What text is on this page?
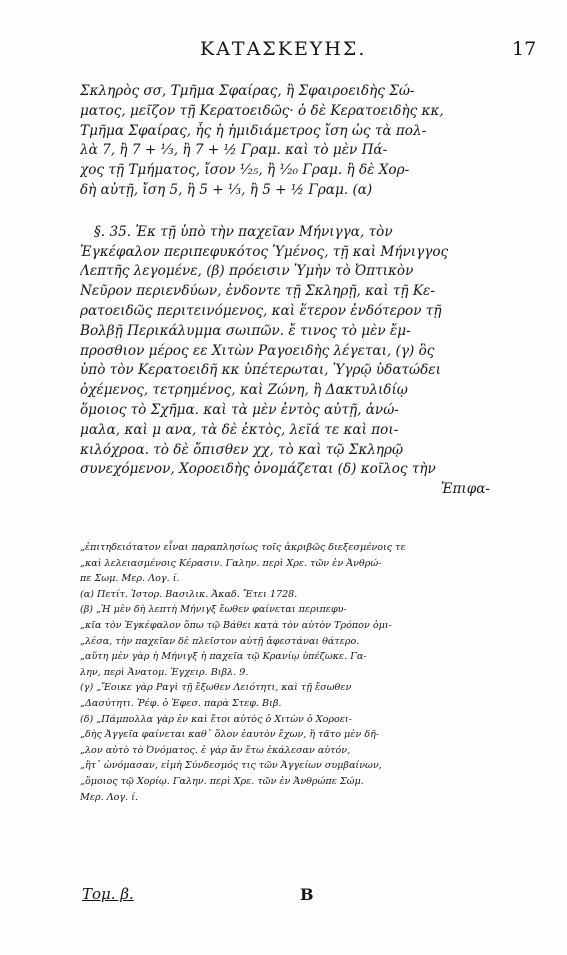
ΚΑΤΑΣΚΕΥΗΣ.	17
Σκληρὸς σσ, Τμῆμα Σφαίρας, ἢ Σφαιροειδὴς Σώ-
ματος, μεῖζον τῇ Κερατοειδῶς· ὁ δὲ Κερατοειδὴς κκ,
Τμῆμα Σφαίρας, ἧς ἡ ἡμιδιάμετρος ἴση ὡς τὰ πολ-
λὰ 7, ἢ 7 + ⅓, ἢ 7 + ½ Γραμ. καὶ τὸ μὲν Πά-
χος τῇ Τμήματος, ἴσον ⅟₂₅, ἢ ⅟₂₀ Γραμ. ἢ δὲ Χορ-
δὴ αὐτῇ, ἴση 5, ἢ 5 + ⅓, ἢ 5 + ½ Γραμ. (α)
§. 35. Ἐκ τῇ ὑπὸ τὴν παχεῖαν Μήνιγγα, τὸν
Ἐγκέφαλον περιπεφυκότος Ὑμένος, τῇ καὶ Μήνιγγος
Λεπτῆς λεγομένε, (β) πρόεισιν Ὑμὴν τὸ Ὀπτικὸν
Νεῦρον περιενδύων, ἐνδοντε τῇ Σκληρῇ, καὶ τῇ Κε-
ρατοειδῶς περιτεινόμενος, καὶ ἕτερον ἐνδότερον τῇ
Βολβῇ Περικάλυμμα σωιπῶν. ἔ τινος τὸ μὲν ἔμ-
προσθιον μέρος εε Χιτὼν Ραγοειδὴς λέγεται, (γ) ὃς
ὑπὸ τὸν Κερατοειδῆ κκ ὑπέτερωται, Ὑγρῷ ὑδατώδει
ὀχέμενος, τετρημένος, καὶ Ζώνη, ἢ Δακτυλιδίῳ
ὅμοιος τὸ Σχῆμα. καὶ τὰ μὲν ἐντὸς αὐτῇ, ἀνώ-
μαλα, καὶ μ ανα, τὰ δὲ ἐκτὸς, λεῖά τε καὶ ποι-
κιλόχροα. τὸ δὲ ὄπισθεν χχ, τὸ καὶ τῷ Σκληρῷ
συνεχόμενον, Χοροειδὴς ὀνομάζεται (δ) κοῖλος τὴν
Ἐπιφα-
„ἐπιτηδειότατον εἶναι παραπλησίως τοῖς ἀκριβῶς διεξεσμένοις τε
„καὶ λελειασμένοις Κέρασιν. Γαλην. περὶ Χρε. τῶν ἐν Ἀνθρώ-
πε Σωμ. Μερ. Λογ. ί.
(α) Πετίτ. Ἱστορ. Βασιλικ. Ἀκαδ. Ἔτει 1728.
(β) „Ἡ μὲν δὴ λεπτὴ Μήνιγξ ἔωθεν φαίνεται περιπεφυ-
„κῖα τὸν Ἐγκέφαλον ὅπω τῷ Βάθει κατὰ τὸν αὐτὸν Τρόπον ὁμι-
„λέσα, τὴν παχεῖαν δὲ πλεῖστον αὐτῇ ἀφεστάναι θάτερο.
„αὕτη μὲν γὰρ ἡ Μήνιγξ ἡ παχεῖα τῷ Κρανίῳ ὑπέζωκε. Γα-
λην, περὶ Ἀνατομ. Ἐγχειρ. Βιβλ. 9.
(γ) „Ἔοικε γὰρ Ραγὶ τῇ ἔξωθεν Λειότητι, καὶ τῇ ἔσωθεν
„Δασύτητι. Ῥέφ. ὁ Ἐφεσ. παρὰ Στεφ. Βιβ.
(δ) „Πάμπολλα γὰρ ἐν καὶ ἔτοι αὐτὸς ὁ Χιτὼν ὁ Χοροει-
„δὴς Ἀγγεῖα φαίνεται καθ᾽ ὅλον ἑαυτὸν ἔχων, ἢ τᾶτο μὲν δῆ-
„λον αὐτὸ τὸ Ὀνόματος. ἐ γὰρ ἄν ἔτω ἐκάλεσαν αὐτόν,
„ἢτ᾽ ὠνόμασαν, εἰμὴ Σύνδεσμός τις τῶν Ἀγγείων συμβαίνων,
„ὅμοιος τῷ Χορίῳ. Γαλην. περὶ Χρε. τῶν ἐν Ἀνθρώπε Σώμ.
Μερ. Λογ. ί.
Τομ. β.	B
